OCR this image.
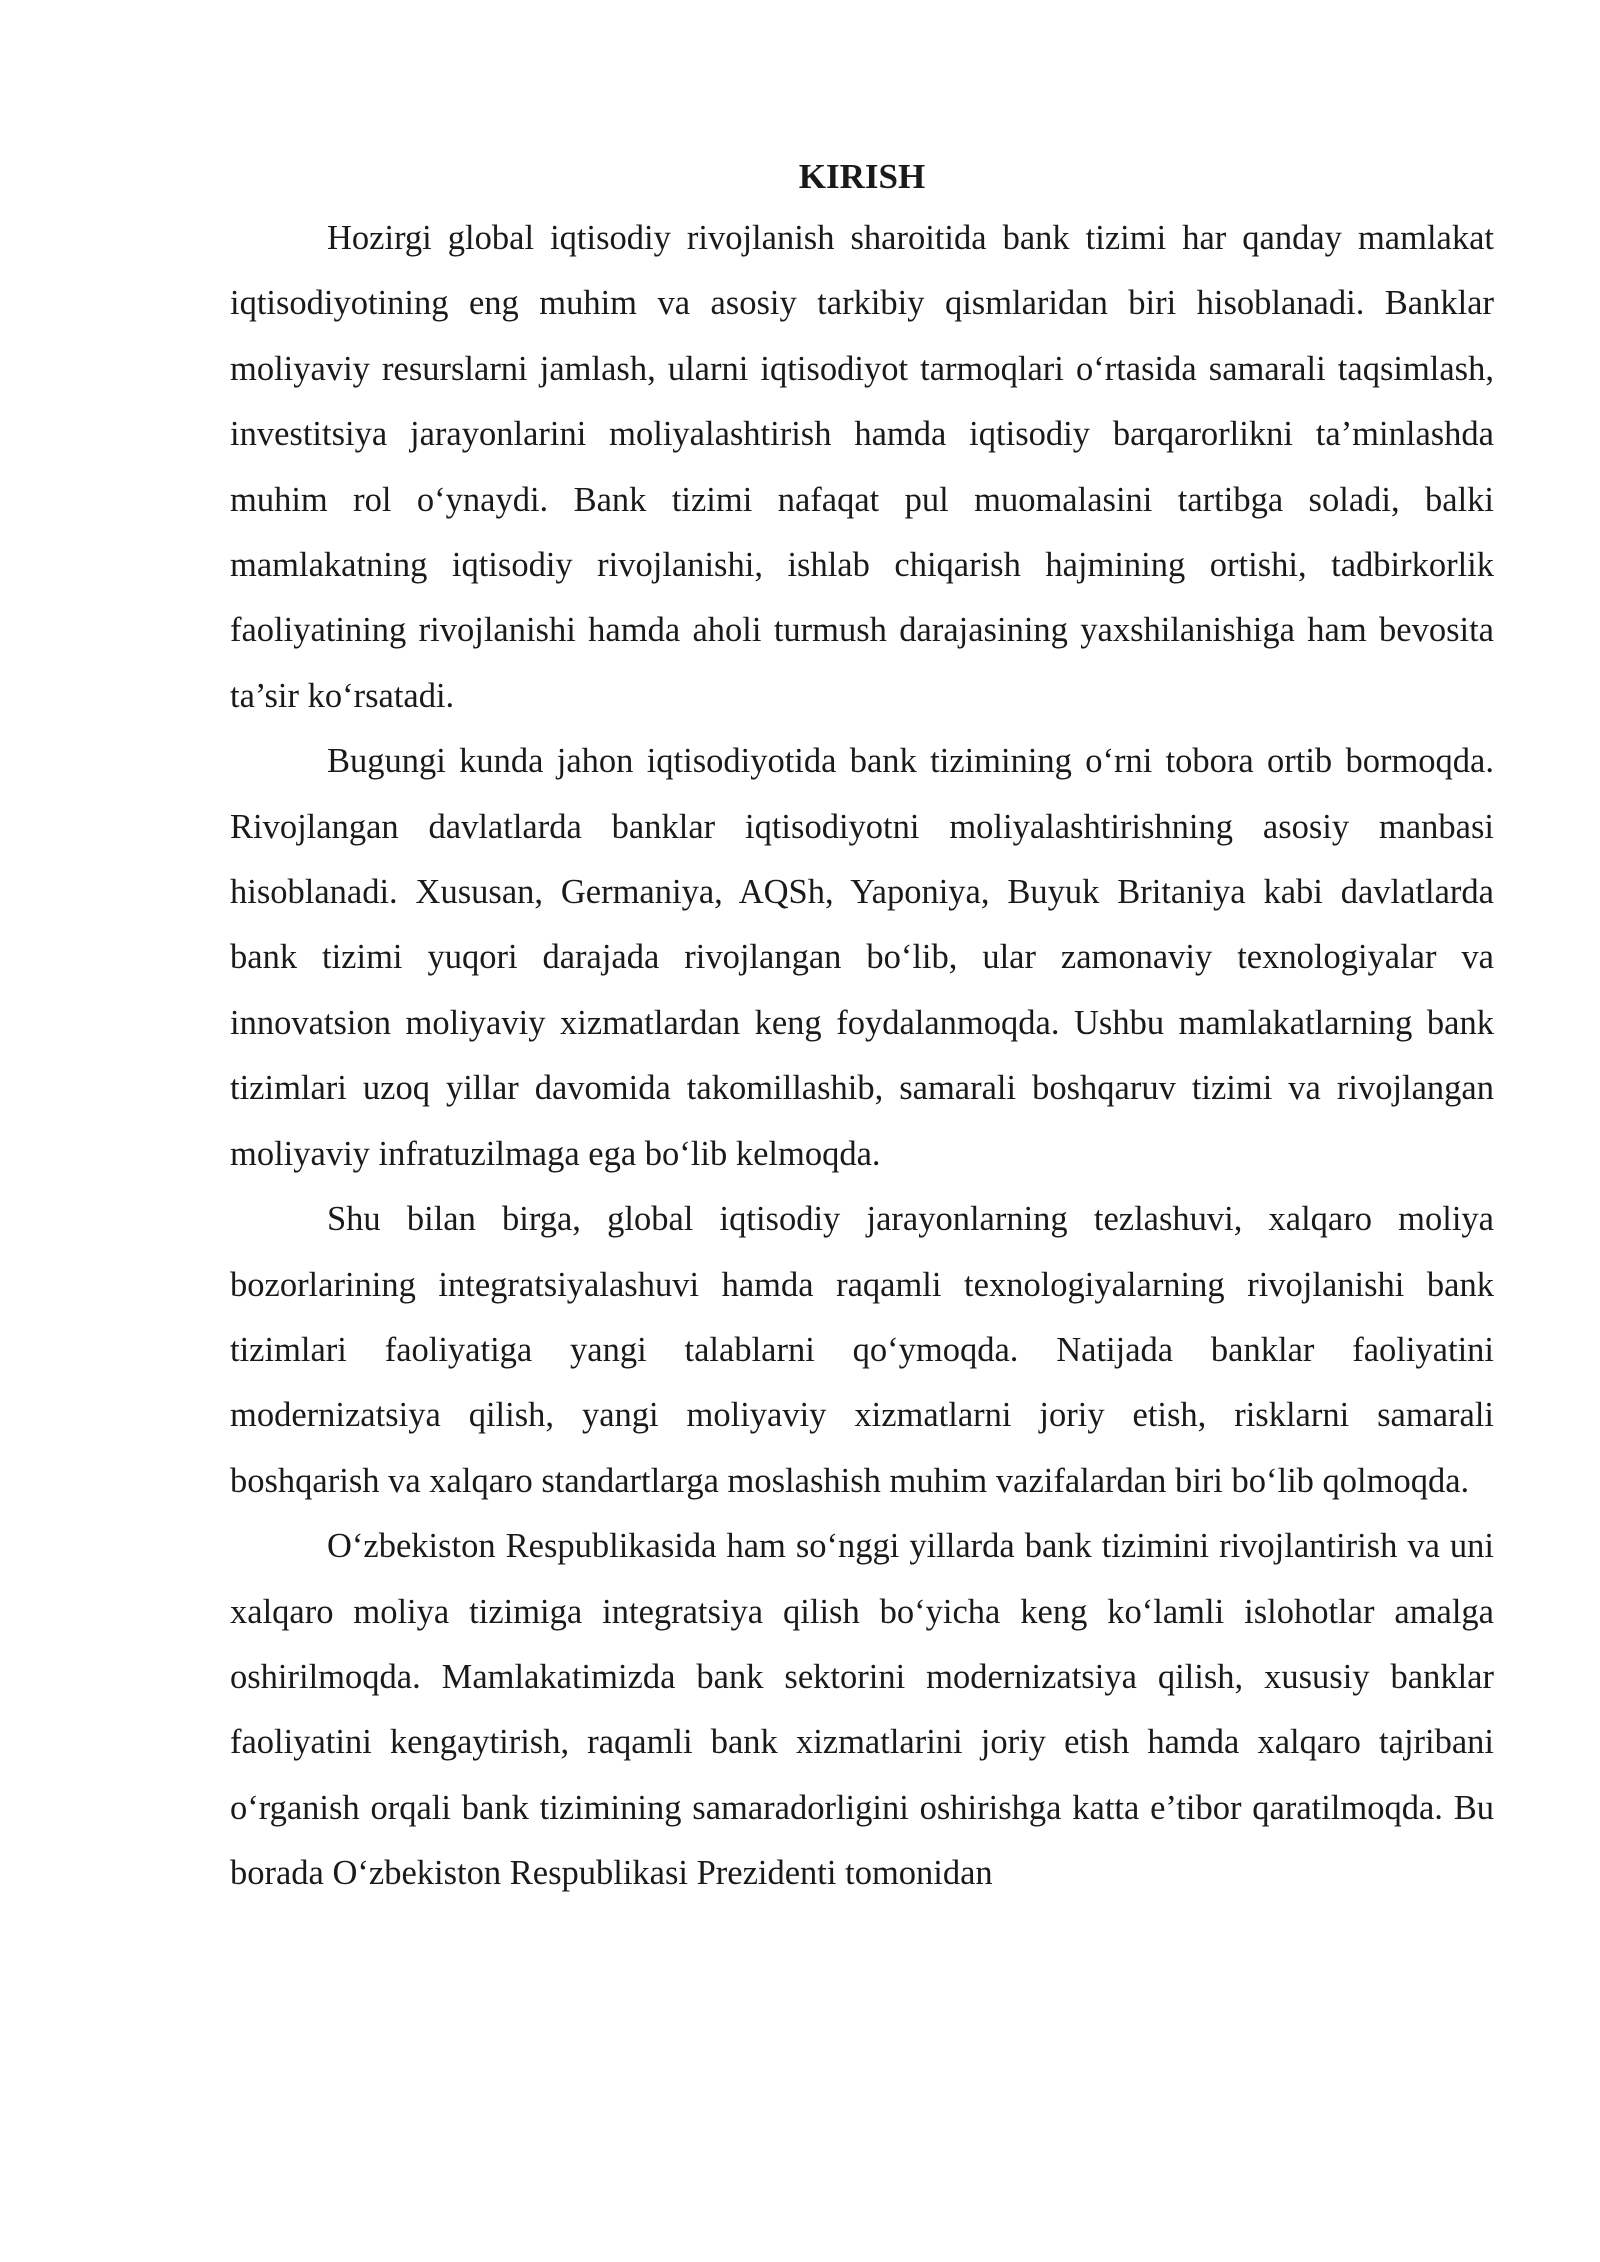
KIRISH

Hozirgi global iqtisodiy rivojlanish sharoitida bank tizimi har qanday mamlakat iqtisodiyotining eng muhim va asosiy tarkibiy qismlaridan biri hisoblanadi. Banklar moliyaviy resurslarni jamlash, ularni iqtisodiyot tarmoqlari o‘rtasida samarali taqsimlash, investitsiya jarayonlarini moliyalashtirish hamda iqtisodiy barqarorlikni ta’minlashda muhim rol o‘ynaydi. Bank tizimi nafaqat pul muomalasini tartibga soladi, balki mamlakatning iqtisodiy rivojlanishi, ishlab chiqarish hajmining ortishi, tadbirkorlik faoliyatining rivojlanishi hamda aholi turmush darajasining yaxshilanishiga ham bevosita ta’sir ko‘rsatadi.

Bugungi kunda jahon iqtisodiyotida bank tizimining o‘rni tobora ortib bormoqda. Rivojlangan davlatlarda banklar iqtisodiyotni moliyalashtirishning asosiy manbasi hisoblanadi. Xususan, Germaniya, AQSh, Yaponiya, Buyuk Britaniya kabi davlatlarda bank tizimi yuqori darajada rivojlangan bo‘lib, ular zamonaviy texnologiyalar va innovatsion moliyaviy xizmatlardan keng foydalanmoqda. Ushbu mamlakatlarning bank tizimlari uzoq yillar davomida takomillashib, samarali boshqaruv tizimi va rivojlangan moliyaviy infratuzilmaga ega bo‘lib kelmoqda.

Shu bilan birga, global iqtisodiy jarayonlarning tezlashuvi, xalqaro moliya bozorlarining integratsiyalashuvi hamda raqamli texnologiyalarning rivojlanishi bank tizimlari faoliyatiga yangi talablarni qo‘ymoqda. Natijada banklar faoliyatini modernizatsiya qilish, yangi moliyaviy xizmatlarni joriy etish, risklarni samarali boshqarish va xalqaro standartlarga moslashish muhim vazifalardan biri bo‘lib qolmoqda.

O‘zbekiston Respublikasida ham so‘nggi yillarda bank tizimini rivojlantirish va uni xalqaro moliya tizimiga integratsiya qilish bo‘yicha keng ko‘lamli islohotlar amalga oshirilmoqda. Mamlakatimizda bank sektorini modernizatsiya qilish, xususiy banklar faoliyatini kengaytirish, raqamli bank xizmatlarini joriy etish hamda xalqaro tajribani o‘rganish orqali bank tizimining samaradorligini oshirishga katta e’tibor qaratilmoqda. Bu borada O‘zbekiston Respublikasi Prezidenti tomonidan
